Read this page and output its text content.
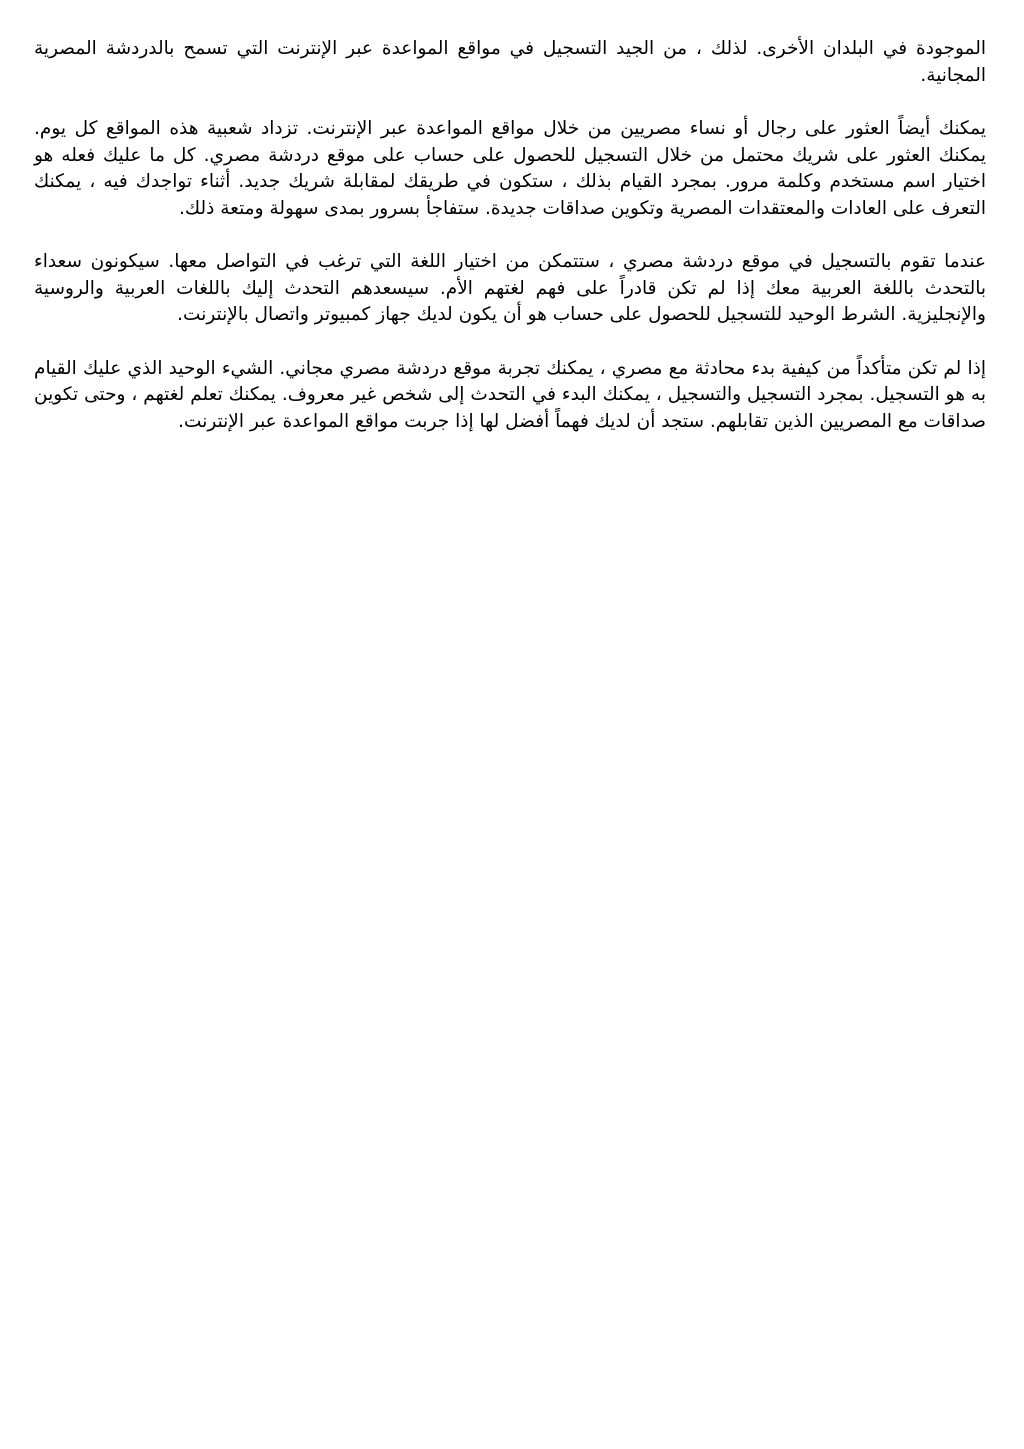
الموجودة في البلدان الأخرى. لذلك ، من الجيد التسجيل في مواقع المواعدة عبر الإنترنت التي تسمح بالدردشة المصرية المجانية.

يمكنك أيضاً العثور على رجال أو نساء مصريين من خلال مواقع المواعدة عبر الإنترنت. تزداد شعبية هذه المواقع كل يوم. يمكنك العثور على شريك محتمل من خلال التسجيل للحصول على حساب على موقع دردشة مصري. كل ما عليك فعله هو اختيار اسم مستخدم وكلمة مرور. بمجرد القيام بذلك ، ستكون في طريقك لمقابلة شريك جديد. أثناء تواجدك فيه ، يمكنك التعرف على العادات والمعتقدات المصرية وتكوين صداقات جديدة. ستفاجأ بسرور بمدى سهولة ومتعة ذلك.

عندما تقوم بالتسجيل في موقع دردشة مصري ، ستتمكن من اختيار اللغة التي ترغب في التواصل معها. سيكونون سعداء بالتحدث باللغة العربية معك إذا لم تكن قادراً على فهم لغتهم الأم. سيسعدهم التحدث إليك باللغات العربية والروسية والإنجليزية. الشرط الوحيد للتسجيل للحصول على حساب هو أن يكون لديك جهاز كمبيوتر واتصال بالإنترنت.

إذا لم تكن متأكداً من كيفية بدء محادثة مع مصري ، يمكنك تجربة موقع دردشة مصري مجاني. الشيء الوحيد الذي عليك القيام به هو التسجيل. بمجرد التسجيل والتسجيل ، يمكنك البدء في التحدث إلى شخص غير معروف. يمكنك تعلم لغتهم ، وحتى تكوين صداقات مع المصريين الذين تقابلهم. ستجد أن لديك فهماً أفضل لها إذا جربت مواقع المواعدة عبر الإنترنت.
